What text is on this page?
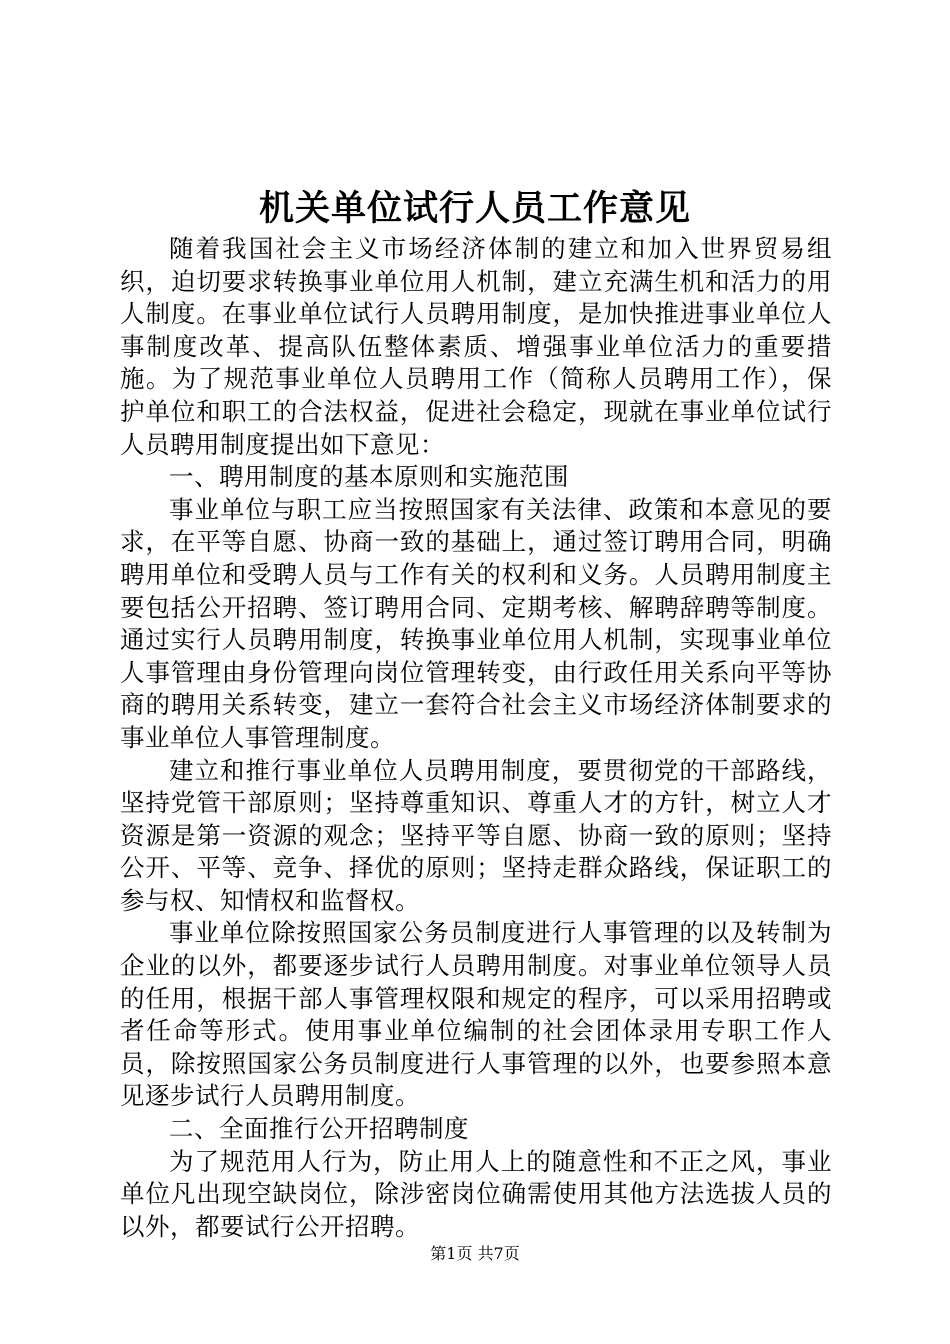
机关单位试行人员工作意见

随着我国社会主义市场经济体制的建立和加入世界贸易组织，迫切要求转换事业单位用人机制，建立充满生机和活力的用人制度。在事业单位试行人员聘用制度，是加快推进事业单位人事制度改革、提高队伍整体素质、增强事业单位活力的重要措施。为了规范事业单位人员聘用工作（简称人员聘用工作），保护单位和职工的合法权益，促进社会稳定，现就在事业单位试行人员聘用制度提出如下意见：

一、聘用制度的基本原则和实施范围

事业单位与职工应当按照国家有关法律、政策和本意见的要求，在平等自愿、协商一致的基础上，通过签订聘用合同，明确聘用单位和受聘人员与工作有关的权利和义务。人员聘用制度主要包括公开招聘、签订聘用合同、定期考核、解聘辞聘等制度。通过实行人员聘用制度，转换事业单位用人机制，实现事业单位人事管理由身份管理向岗位管理转变，由行政任用关系向平等协商的聘用关系转变，建立一套符合社会主义市场经济体制要求的事业单位人事管理制度。

建立和推行事业单位人员聘用制度，要贯彻党的干部路线，坚持党管干部原则；坚持尊重知识、尊重人才的方针，树立人才资源是第一资源的观念；坚持平等自愿、协商一致的原则；坚持公开、平等、竞争、择优的原则；坚持走群众路线，保证职工的参与权、知情权和监督权。

事业单位除按照国家公务员制度进行人事管理的以及转制为企业的以外，都要逐步试行人员聘用制度。对事业单位领导人员的任用，根据干部人事管理权限和规定的程序，可以采用招聘或者任命等形式。使用事业单位编制的社会团体录用专职工作人员，除按照国家公务员制度进行人事管理的以外，也要参照本意见逐步试行人员聘用制度。

二、全面推行公开招聘制度

为了规范用人行为，防止用人上的随意性和不正之风，事业单位凡出现空缺岗位，除涉密岗位确需使用其他方法选拔人员的以外，都要试行公开招聘。

第1页 共7页
